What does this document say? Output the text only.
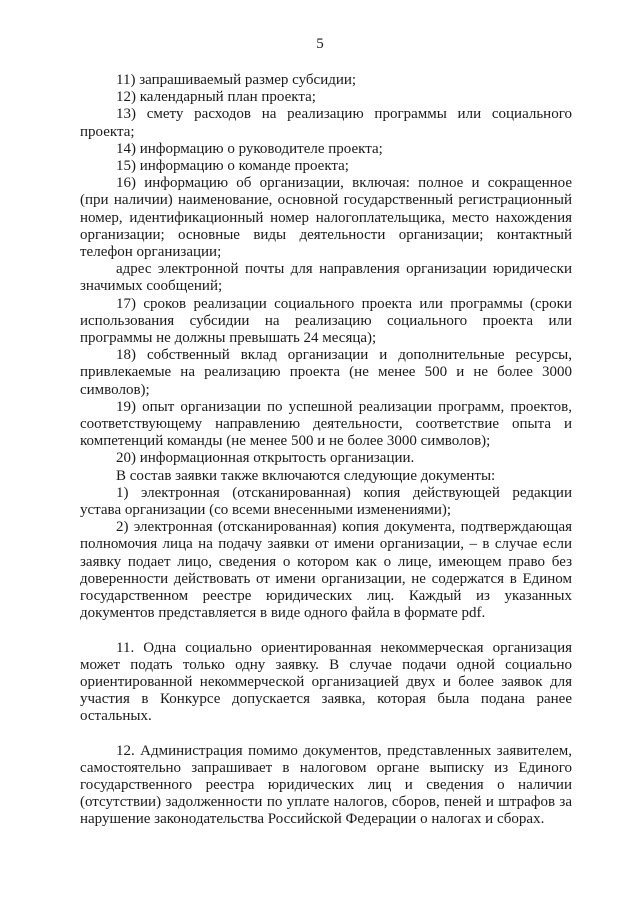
5

11) запрашиваемый размер субсидии;

12) календарный план проекта;

13) смету расходов на реализацию программы или социального проекта;

14) информацию о руководителе проекта;

15) информацию о команде проекта;

16) информацию об организации, включая: полное и сокращенное (при наличии) наименование, основной государственный регистрационный номер, идентификационный номер налогоплательщика, место нахождения организации; основные виды деятельности организации; контактный телефон организации;

адрес электронной почты для направления организации юридически значимых сообщений;

17) сроков реализации социального проекта или программы (сроки использования субсидии на реализацию социального проекта или программы не должны превышать 24 месяца);

18) собственный вклад организации и дополнительные ресурсы, привлекаемые на реализацию проекта (не менее 500 и не более 3000 символов);

19) опыт организации по успешной реализации программ, проектов, соответствующему направлению деятельности, соответствие опыта и компетенций команды (не менее 500 и не более 3000 символов);

20) информационная открытость организации.

В состав заявки также включаются следующие документы:

1) электронная (отсканированная) копия действующей редакции устава организации (со всеми внесенными изменениями);

2) электронная (отсканированная) копия документа, подтверждающая полномочия лица на подачу заявки от имени организации, – в случае если заявку подает лицо, сведения о котором как о лице, имеющем право без доверенности действовать от имени организации, не содержатся в Едином государственном реестре юридических лиц. Каждый из указанных документов представляется в виде одного файла в формате pdf.

11. Одна социально ориентированная некоммерческая организация может подать только одну заявку. В случае подачи одной социально ориентированной некоммерческой организацией двух и более заявок для участия в Конкурсе допускается заявка, которая была подана ранее остальных.

12. Администрация помимо документов, представленных заявителем, самостоятельно запрашивает в налоговом органе выписку из Единого государственного реестра юридических лиц и сведения о наличии (отсутствии) задолженности по уплате налогов, сборов, пеней и штрафов за нарушение законодательства Российской Федерации о налогах и сборах.
